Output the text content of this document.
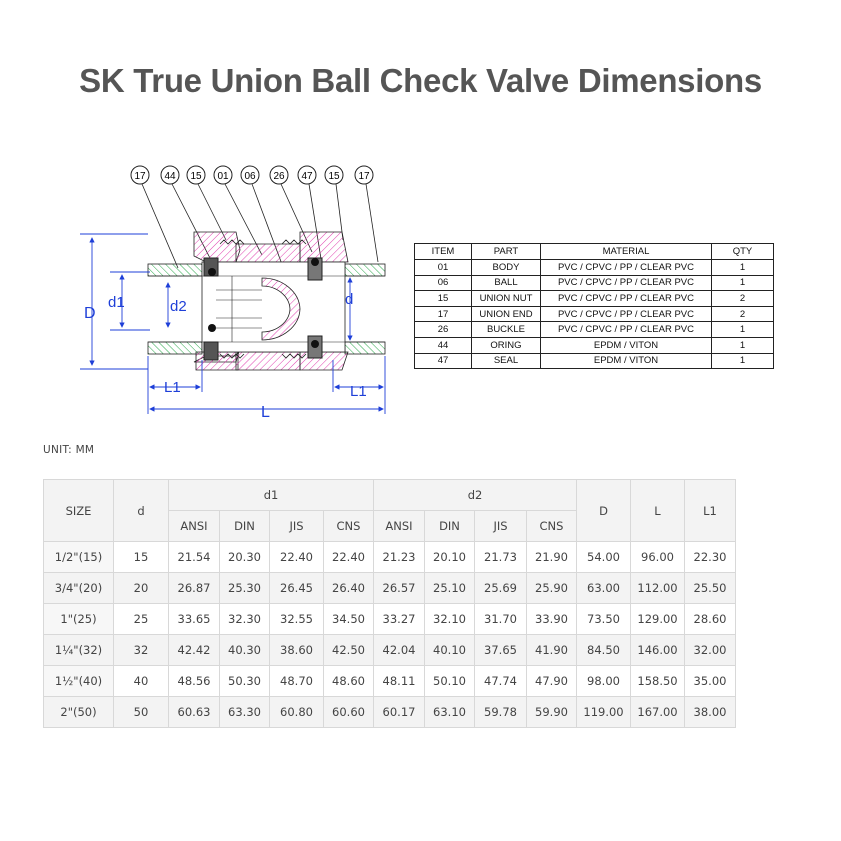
SK True Union Ball Check Valve Dimensions
17 44 15 01 06 26 47 15 17
D
d1	d2	d
L1	L1
L
ITEM	PART	MATERIAL	QTY
01	BODY	PVC / CPVC / PP / CLEAR PVC	1
06	BALL	PVC / CPVC / PP / CLEAR PVC	1
15	UNION NUT	PVC / CPVC / PP / CLEAR PVC	2
17	UNION END	PVC / CPVC / PP / CLEAR PVC	2
26	BUCKLE	PVC / CPVC / PP / CLEAR PVC	1
44	ORING	EPDM / VITON	1
47	SEAL	EPDM / VITON	1
UNIT: MM
SIZE	d	d1				d2				D	L	L1
		ANSI	DIN	JIS	CNS	ANSI	DIN	JIS	CNS			
1/2"(15)	15	21.54	20.30	22.40	22.40	21.23	20.10	21.73	21.90	54.00	96.00	22.30
3/4"(20)	20	26.87	25.30	26.45	26.40	26.57	25.10	25.69	25.90	63.00	112.00	25.50
1"(25)	25	33.65	32.30	32.55	34.50	33.27	32.10	31.70	33.90	73.50	129.00	28.60
1¼"(32)	32	42.42	40.30	38.60	42.50	42.04	40.10	37.65	41.90	84.50	146.00	32.00
1½"(40)	40	48.56	50.30	48.70	48.60	48.11	50.10	47.74	47.90	98.00	158.50	35.00
2"(50)	50	60.63	63.30	60.80	60.60	60.17	63.10	59.78	59.90	119.00	167.00	38.00
